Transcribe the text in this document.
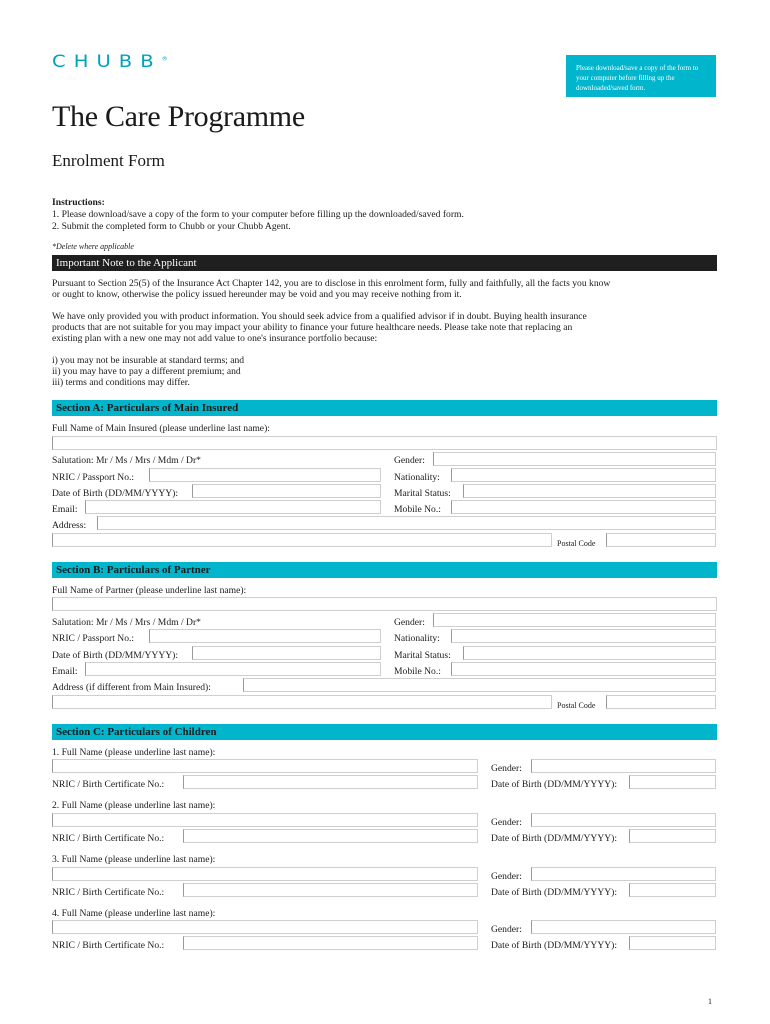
CHUBB®
Please download/save a copy of the form to your computer before filling up the downloaded/saved form.
The Care Programme
Enrolment Form
Instructions:
1. Please download/save a copy of the form to your computer before filling up the downloaded/saved form.
2. Submit the completed form to Chubb or your Chubb Agent.
*Delete where applicable
Important Note to the Applicant
Pursuant to Section 25(5) of the Insurance Act Chapter 142, you are to disclose in this enrolment form, fully and faithfully, all the facts you know
or ought to know, otherwise the policy issued hereunder may be void and you may receive nothing from it.
We have only provided you with product information. You should seek advice from a qualified advisor if in doubt. Buying health insurance
products that are not suitable for you may impact your ability to finance your future healthcare needs. Please take note that replacing an
existing plan with a new one may not add value to one's insurance portfolio because:
i) you may not be insurable at standard terms; and
ii) you may have to pay a different premium; and
iii) terms and conditions may differ.
Section A: Particulars of Main Insured
Full Name of Main Insured (please underline last name):
Salutation: Mr / Ms / Mrs / Mdm / Dr*	Gender:
NRIC / Passport No.:	Nationality:
Date of Birth (DD/MM/YYYY):	Marital Status:
Email:	Mobile No.:
Address:
Postal Code
Section B: Particulars of Partner
Full Name of Partner (please underline last name):
Salutation: Mr / Ms / Mrs / Mdm / Dr*	Gender:
NRIC / Passport No.:	Nationality:
Date of Birth (DD/MM/YYYY):	Marital Status:
Email:	Mobile No.:
Address (if different from Main Insured):
Postal Code
Section C: Particulars of Children
1. Full Name (please underline last name):
Gender:
NRIC / Birth Certificate No.:	Date of Birth (DD/MM/YYYY):
2. Full Name (please underline last name):
Gender:
NRIC / Birth Certificate No.:	Date of Birth (DD/MM/YYYY):
3. Full Name (please underline last name):
Gender:
NRIC / Birth Certificate No.:	Date of Birth (DD/MM/YYYY):
4. Full Name (please underline last name):
Gender:
NRIC / Birth Certificate No.:	Date of Birth (DD/MM/YYYY):
1
